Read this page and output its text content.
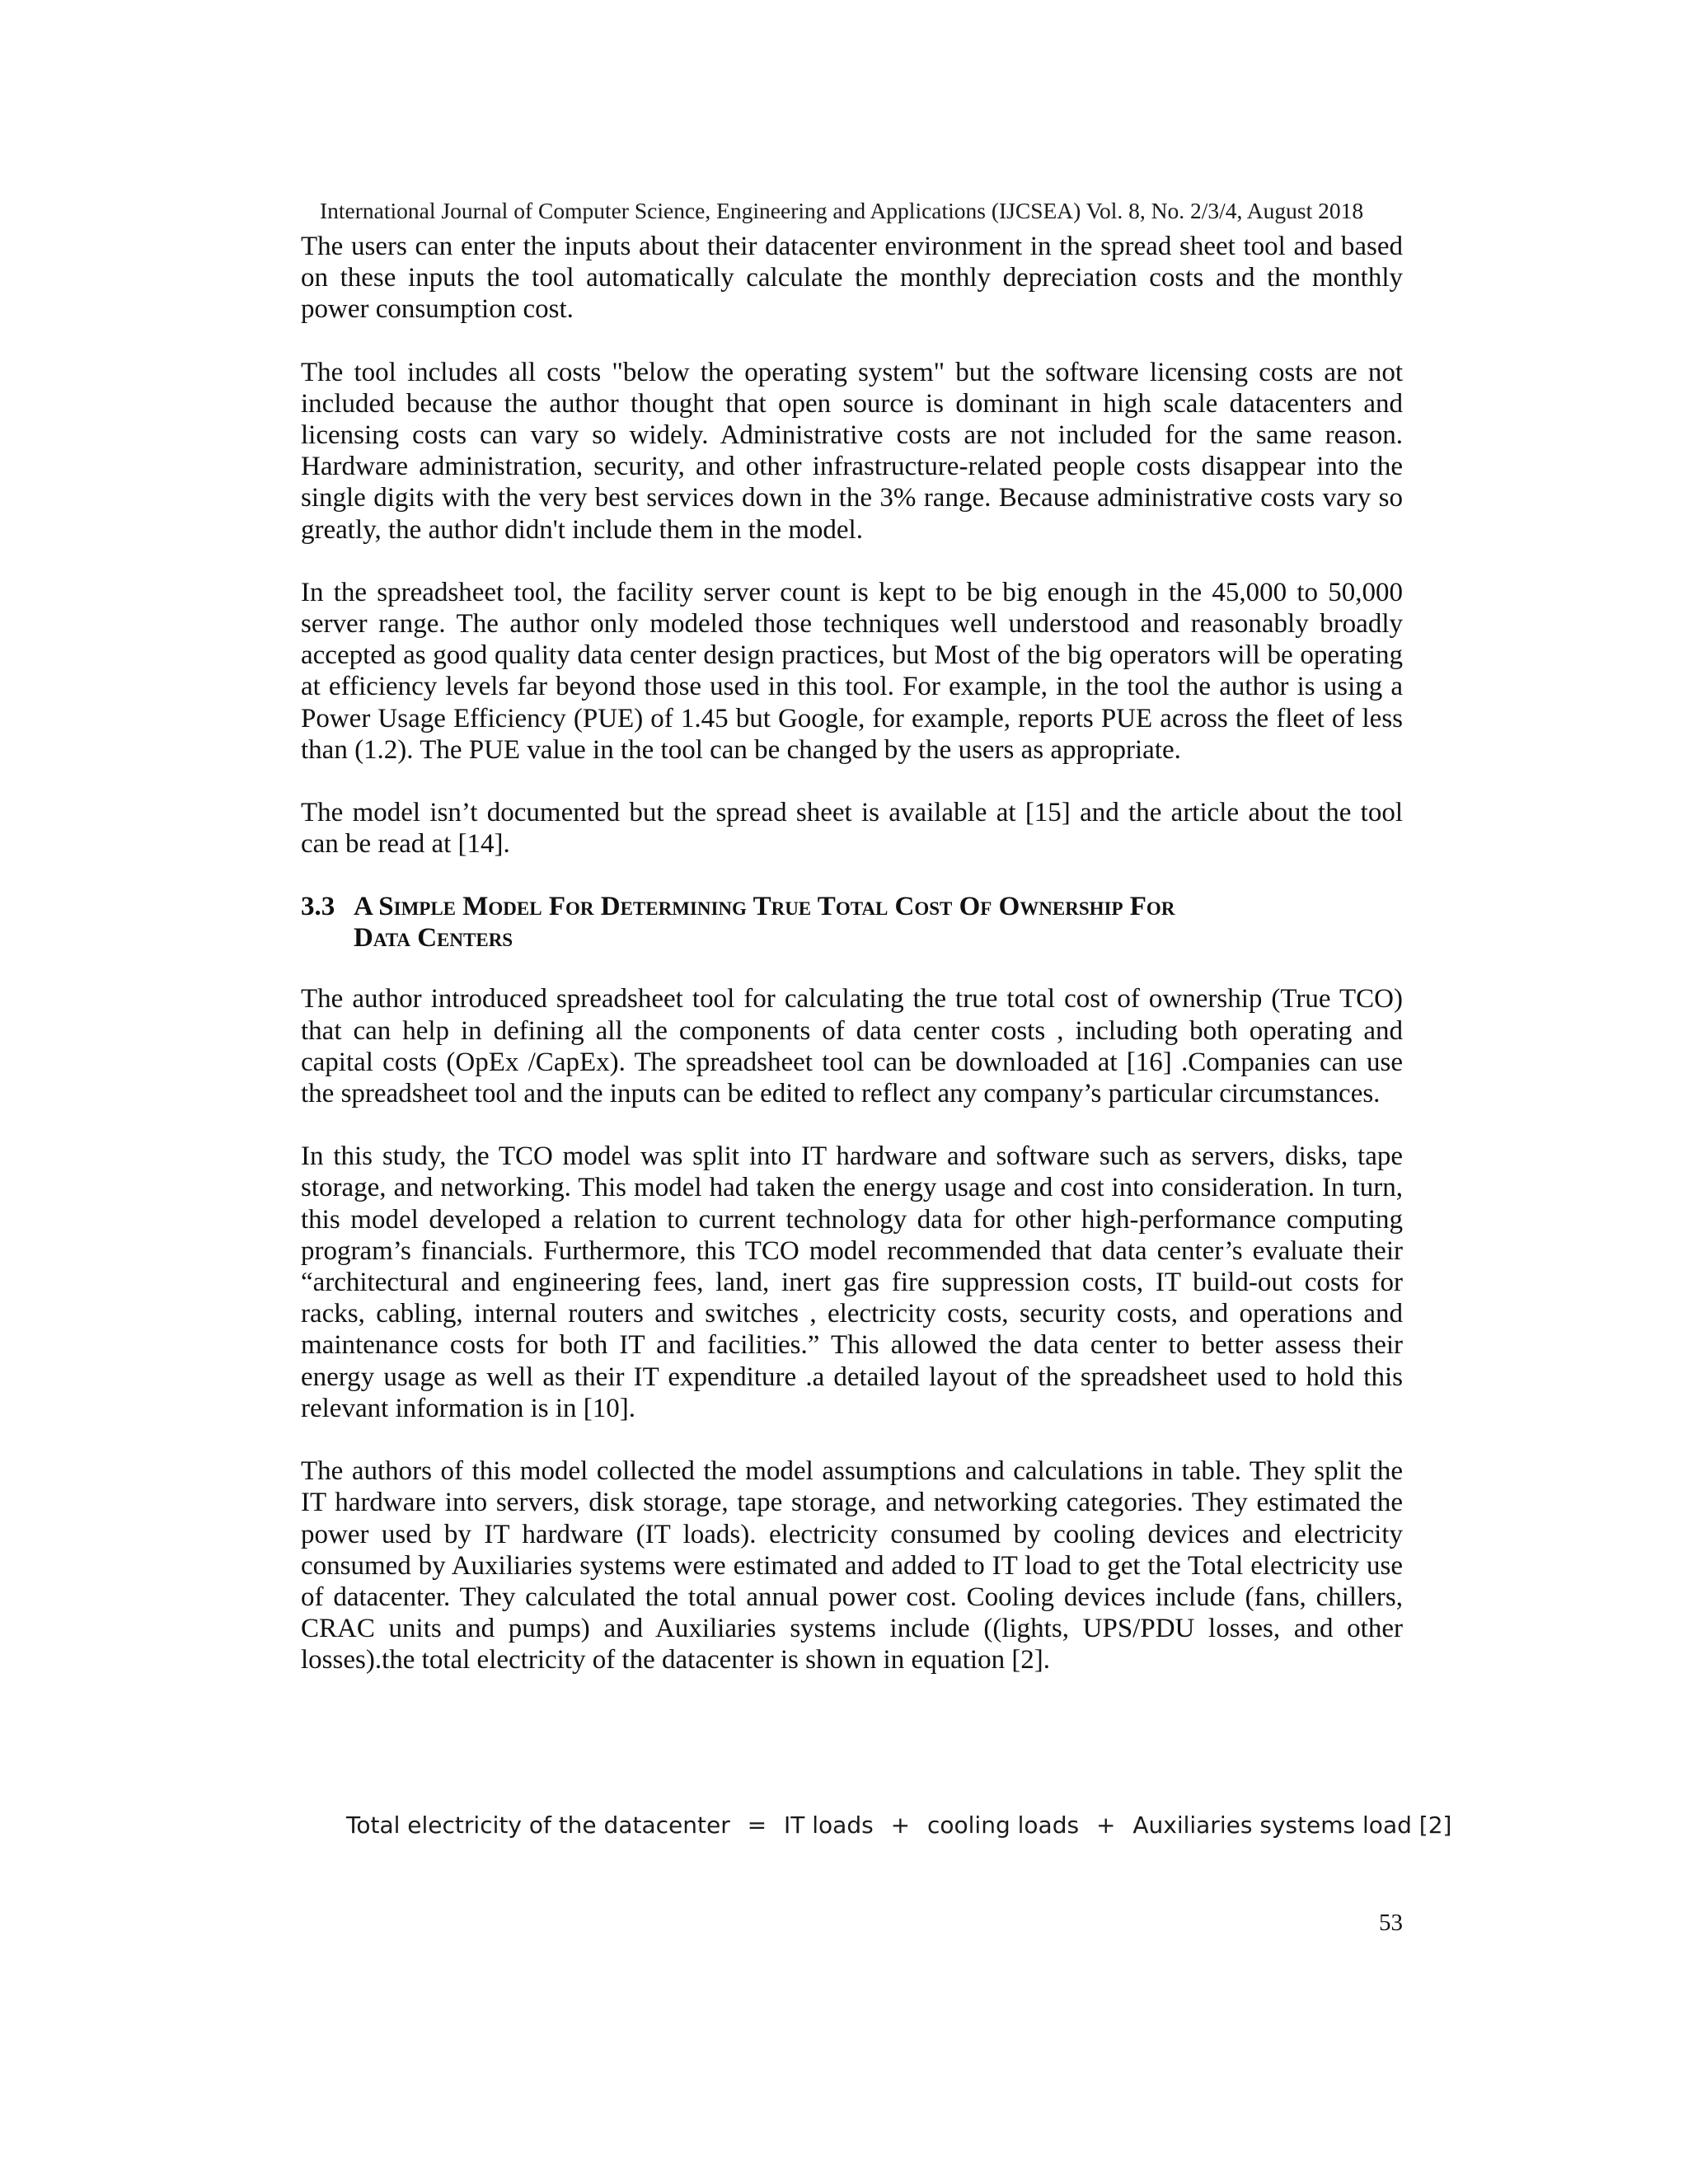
International Journal of Computer Science, Engineering and Applications (IJCSEA) Vol. 8, No. 2/3/4, August 2018

The users can enter the inputs about their datacenter environment in the spread sheet tool and based on these inputs the tool automatically calculate the monthly depreciation costs and the monthly power consumption cost.

The tool includes all costs "below the operating system" but the software licensing costs are not included because the author thought that open source is dominant in high scale datacenters and licensing costs can vary so widely. Administrative costs are not included for the same reason. Hardware administration, security, and other infrastructure-related people costs disappear into the single digits with the very best services down in the 3% range. Because administrative costs vary so greatly, the author didn't include them in the model.

In the spreadsheet tool, the facility server count is kept to be big enough in the 45,000 to 50,000 server range. The author only modeled those techniques well understood and reasonably broadly accepted as good quality data center design practices, but Most of the big operators will be operating at efficiency levels far beyond those used in this tool. For example, in the tool the author is using a Power Usage Efficiency (PUE) of 1.45 but Google, for example, reports PUE across the fleet of less than (1.2). The PUE value in the tool can be changed by the users as appropriate.

The model isn’t documented but the spread sheet is available at [15] and the article about the tool can be read at [14].

3.3 A Simple Model For Determining True Total Cost Of Ownership For
Data Centers

The author introduced spreadsheet tool for calculating the true total cost of ownership (True TCO) that can help in defining all the components of data center costs , including both operating and capital costs (OpEx /CapEx). The spreadsheet tool can be downloaded at [16] .Companies can use the spreadsheet tool and the inputs can be edited to reflect any company’s particular circumstances.

In this study, the TCO model was split into IT hardware and software such as servers, disks, tape storage, and networking. This model had taken the energy usage and cost into consideration. In turn, this model developed a relation to current technology data for other high-performance computing program’s financials. Furthermore, this TCO model recommended that data center’s evaluate their “architectural and engineering fees, land, inert gas fire suppression costs, IT build-out costs for racks, cabling, internal routers and switches , electricity costs, security costs, and operations and maintenance costs for both IT and facilities.” This allowed the data center to better assess their energy usage as well as their IT expenditure .a detailed layout of the spreadsheet used to hold this relevant information is in [10].

The authors of this model collected the model assumptions and calculations in table. They split the IT hardware into servers, disk storage, tape storage, and networking categories. They estimated the power used by IT hardware (IT loads). electricity consumed by cooling devices and electricity consumed by Auxiliaries systems were estimated and added to IT load to get the Total electricity use of datacenter. They calculated the total annual power cost. Cooling devices include (fans, chillers, CRAC units and pumps) and Auxiliaries systems include ((lights, UPS/PDU losses, and other losses).the total electricity of the datacenter is shown in equation [2].

Total electricity of the datacenter = IT loads + cooling loads + Auxiliaries systems load [2]
53
